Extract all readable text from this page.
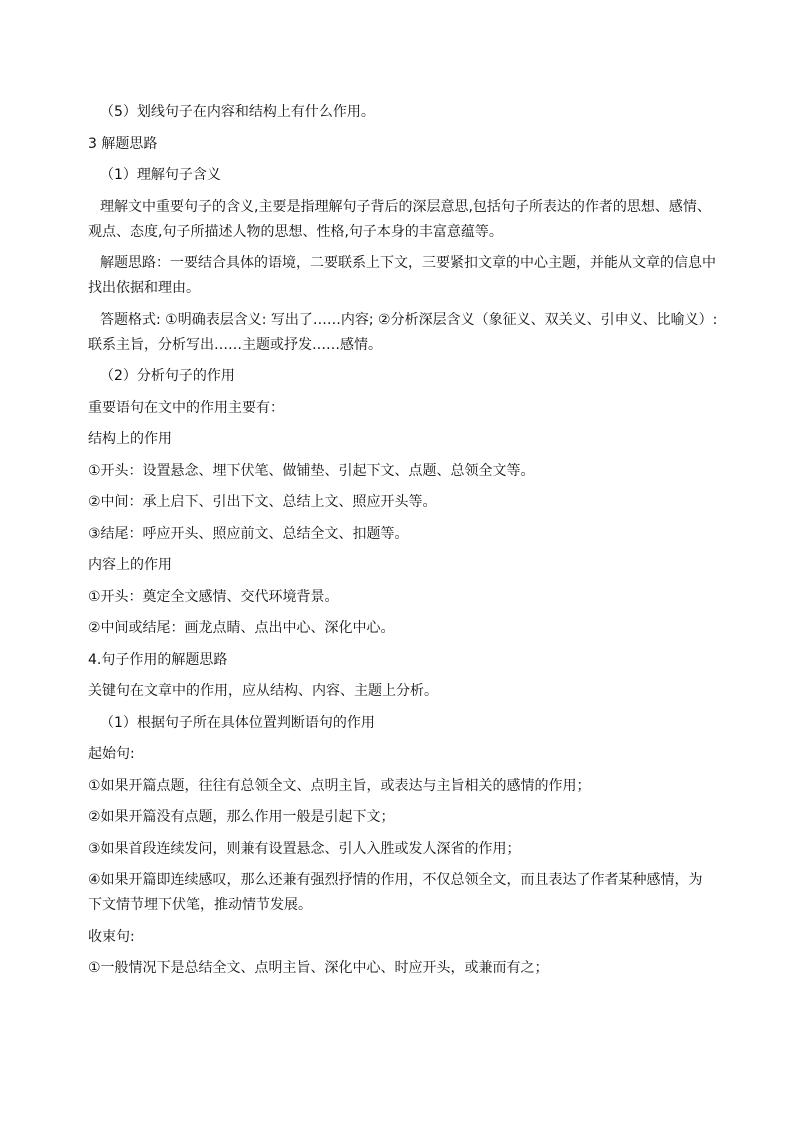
（5）划线句子在内容和结构上有什么作用。
3 解题思路
（1）理解句子含义
理解文中重要句子的含义,主要是指理解句子背后的深层意思,包括句子所表达的作者的思想、感情、
观点、态度,句子所描述人物的思想、性格,句子本身的丰富意蕴等。
解题思路：一要结合具体的语境，二要联系上下文，三要紧扣文章的中心主题，并能从文章的信息中
找出依据和理由。
答题格式: ①明确表层含义: 写出了……内容; ②分析深层含义（象征义、双关义、引申义、比喻义）:
联系主旨，分析写出……主题或抒发……感情。
（2）分析句子的作用
重要语句在文中的作用主要有：
结构上的作用
①开头：设置悬念、埋下伏笔、做铺垫、引起下文、点题、总领全文等。
②中间：承上启下、引出下文、总结上文、照应开头等。
③结尾：呼应开头、照应前文、总结全文、扣题等。
内容上的作用
①开头：奠定全文感情、交代环境背景。
②中间或结尾：画龙点睛、点出中心、深化中心。
4.句子作用的解题思路
关键句在文章中的作用，应从结构、内容、主题上分析。
（1）根据句子所在具体位置判断语句的作用
起始句:
①如果开篇点题，往往有总领全文、点明主旨，或表达与主旨相关的感情的作用；
②如果开篇没有点题，那么作用一般是引起下文；
③如果首段连续发问，则兼有设置悬念、引人入胜或发人深省的作用；
④如果开篇即连续感叹，那么还兼有强烈抒情的作用，不仅总领全文，而且表达了作者某种感情，为
下文情节埋下伏笔，推动情节发展。
收束句:
①一般情况下是总结全文、点明主旨、深化中心、时应开头，或兼而有之；
